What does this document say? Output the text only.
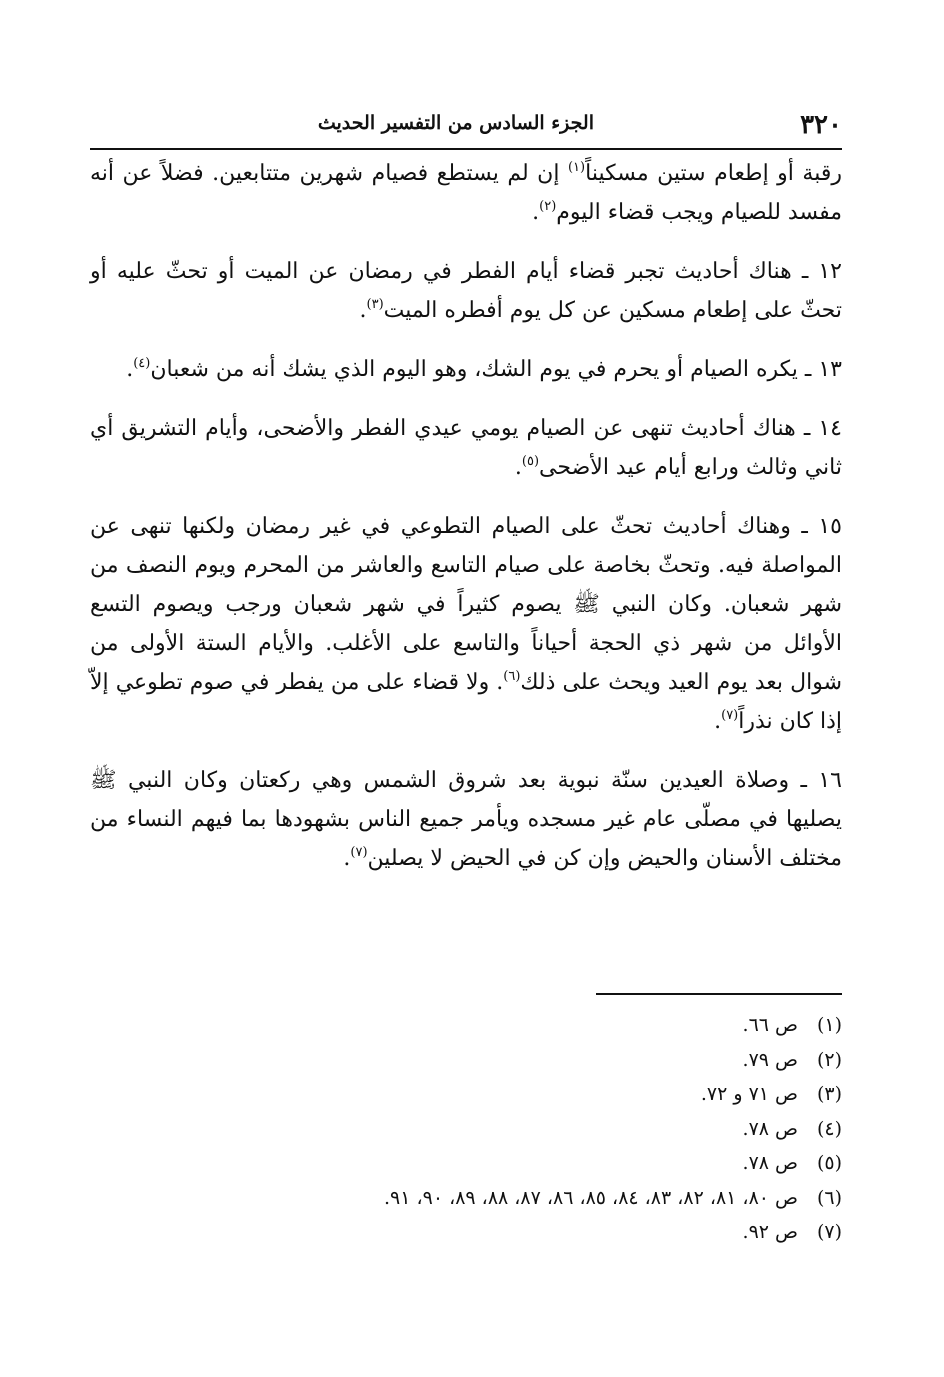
٣٢٠
الجزء السادس من التفسير الحديث

رقبة أو إطعام ستين مسكيناً$^{(١)}$ إن لم يستطع فصيام شهرين متتابعين. فضلاً عن أنه مفسد للصيام ويجب قضاء اليوم$^{(٢)}$.

١٢ ـ هناك أحاديث تجبر قضاء أيام الفطر في رمضان عن الميت أو تحثّ عليه أو تحثّ على إطعام مسكين عن كل يوم أفطره الميت$^{(٣)}$.

١٣ ـ يكره الصيام أو يحرم في يوم الشك، وهو اليوم الذي يشك أنه من شعبان$^{(٤)}$.

١٤ ـ هناك أحاديث تنهى عن الصيام يومي عيدي الفطر والأضحى، وأيام التشريق أي ثاني وثالث ورابع أيام عيد الأضحى$^{(٥)}$.

١٥ ـ وهناك أحاديث تحثّ على الصيام التطوعي في غير رمضان ولكنها تنهى عن المواصلة فيه. وتحثّ بخاصة على صيام التاسع والعاشر من المحرم ويوم النصف من شهر شعبان. وكان النبي ﷺ يصوم كثيراً في شهر شعبان ورجب ويصوم التسع الأوائل من شهر ذي الحجة أحياناً والتاسع على الأغلب. والأيام الستة الأولى من شوال بعد يوم العيد ويحث على ذلك$^{(٦)}$. ولا قضاء على من يفطر في صوم تطوعي إلاّ إذا كان نذراً$^{(٧)}$.

١٦ ـ وصلاة العيدين سنّة نبوية بعد شروق الشمس وهي ركعتان وكان النبي ﷺ يصليها في مصلّى عام غير مسجده ويأمر جميع الناس بشهودها بما فيهم النساء من مختلف الأسنان والحيض وإن كن في الحيض لا يصلين$^{(٧)}$.

(١)
ص ٦٦.
(٢)
ص ٧٩.
(٣)
ص ٧١ و ٧٢.
(٤)
ص ٧٨.
(٥)
ص ٧٨.
(٦)
ص ٨٠، ٨١، ٨٢، ٨٣، ٨٤، ٨٥، ٨٦، ٨٧، ٨٨، ٨٩، ٩٠، ٩١.
(٧)
ص ٩٢.
